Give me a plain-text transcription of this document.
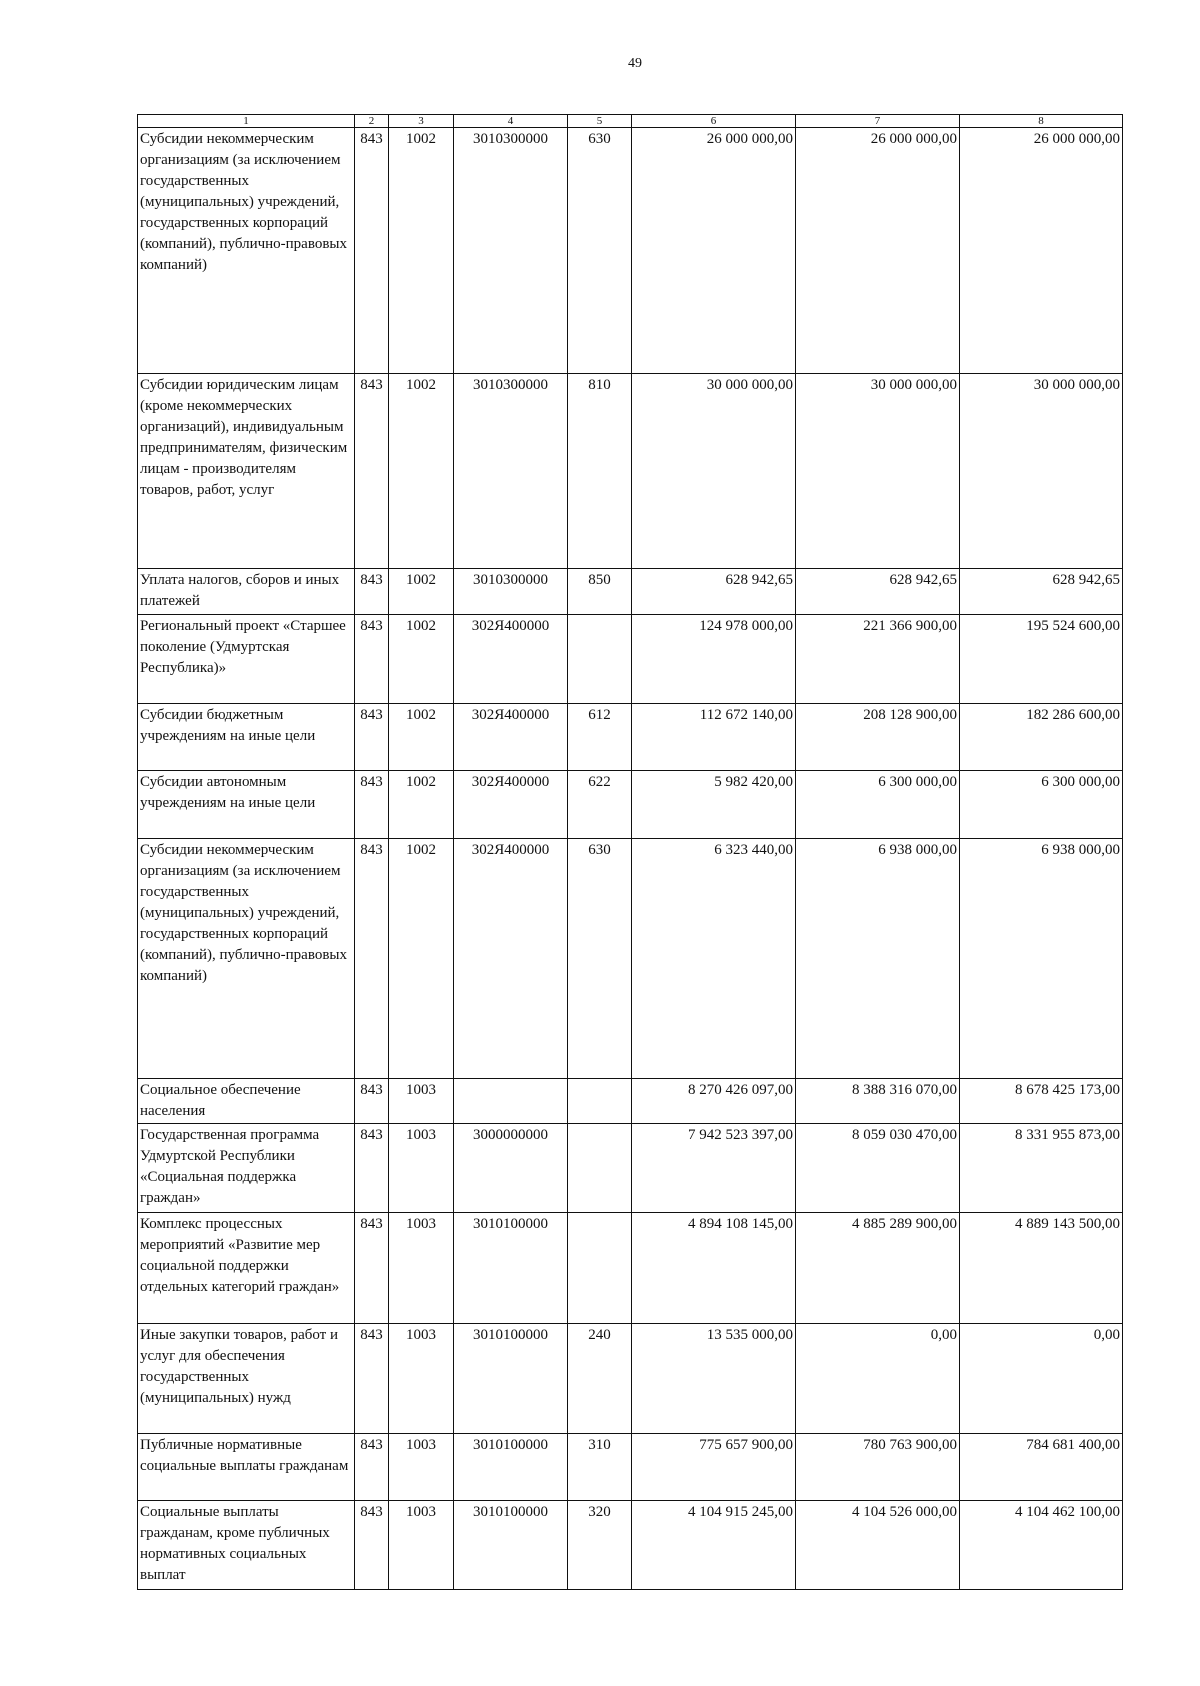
49
1	2	3	4	5	6	7	8
Субсидии некоммерческим организациям (за исключением государственных (муниципальных) учреждений, государственных корпораций (компаний), публично-правовых компаний)	843	1002	3010300000	630	26 000 000,00	26 000 000,00	26 000 000,00
Субсидии юридическим лицам (кроме некоммерческих организаций), индивидуальным предпринимателям, физическим лицам - производителям товаров, работ, услуг	843	1002	3010300000	810	30 000 000,00	30 000 000,00	30 000 000,00
Уплата налогов, сборов и иных платежей	843	1002	3010300000	850	628 942,65	628 942,65	628 942,65
Региональный проект «Старшее поколение (Удмуртская Республика)»	843	1002	302Я400000		124 978 000,00	221 366 900,00	195 524 600,00
Субсидии бюджетным учреждениям на иные цели	843	1002	302Я400000	612	112 672 140,00	208 128 900,00	182 286 600,00
Субсидии автономным учреждениям на иные цели	843	1002	302Я400000	622	5 982 420,00	6 300 000,00	6 300 000,00
Субсидии некоммерческим организациям (за исключением государственных (муниципальных) учреждений, государственных корпораций (компаний), публично-правовых компаний)	843	1002	302Я400000	630	6 323 440,00	6 938 000,00	6 938 000,00
Социальное обеспечение населения	843	1003			8 270 426 097,00	8 388 316 070,00	8 678 425 173,00
Государственная программа Удмуртской Республики «Социальная поддержка граждан»	843	1003	3000000000		7 942 523 397,00	8 059 030 470,00	8 331 955 873,00
Комплекс процессных мероприятий «Развитие мер социальной поддержки отдельных категорий граждан»	843	1003	3010100000		4 894 108 145,00	4 885 289 900,00	4 889 143 500,00
Иные закупки товаров, работ и услуг для обеспечения государственных (муниципальных) нужд	843	1003	3010100000	240	13 535 000,00	0,00	0,00
Публичные нормативные социальные выплаты гражданам	843	1003	3010100000	310	775 657 900,00	780 763 900,00	784 681 400,00
Социальные выплаты гражданам, кроме публичных нормативных социальных выплат	843	1003	3010100000	320	4 104 915 245,00	4 104 526 000,00	4 104 462 100,00
